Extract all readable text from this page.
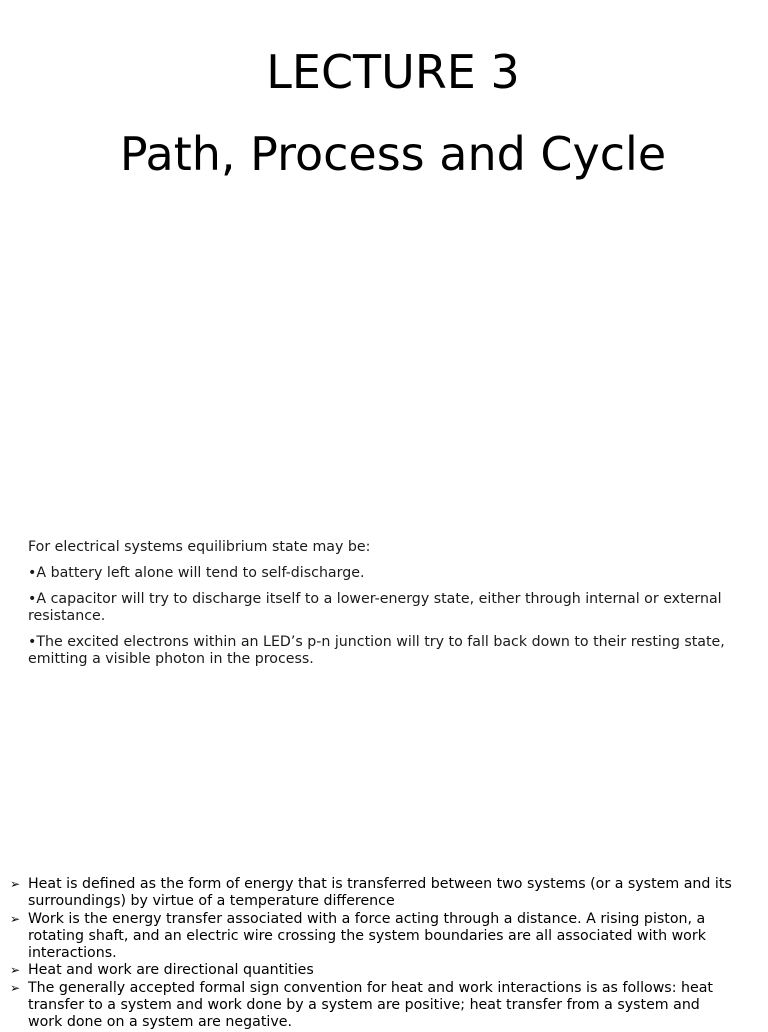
LECTURE 3
Path, Process and Cycle

For electrical systems equilibrium state may be:

•A battery left alone will tend to self-discharge.

•A capacitor will try to discharge itself to a lower-energy state, either through internal or external resistance.

•The excited electrons within an LED’s p-n junction will try to fall back down to their resting state, emitting a visible photon in the process.

➢ Heat is defined as the form of energy that is transferred between two systems (or a system and its surroundings) by virtue of a temperature difference
➢ Work is the energy transfer associated with a force acting through a distance. A rising piston, a rotating shaft, and an electric wire crossing the system boundaries are all associated with work interactions.
➢ Heat and work are directional quantities
➢ The generally accepted formal sign convention for heat and work interactions is as follows: heat transfer to a system and work done by a system are positive; heat transfer from a system and work done on a system are negative.
